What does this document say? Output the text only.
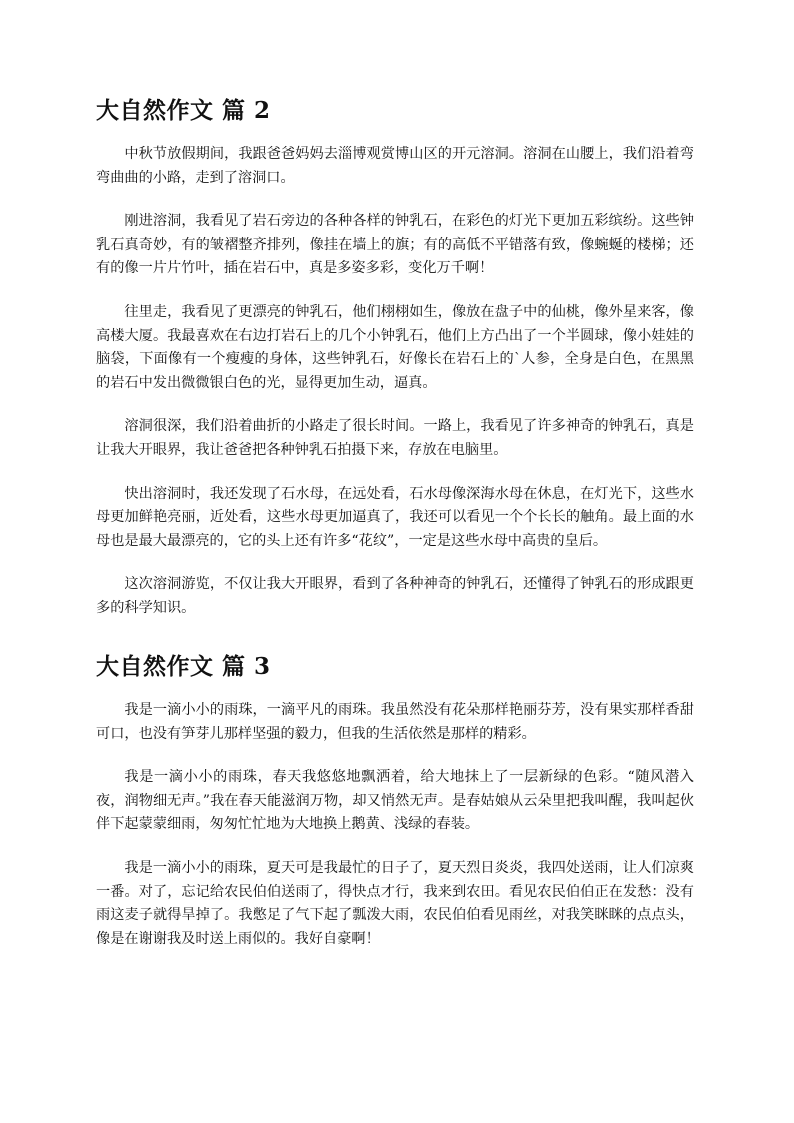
大自然作文 篇 2

中秋节放假期间，我跟爸爸妈妈去淄博观赏博山区的开元溶洞。溶洞在山腰上，我们沿着弯弯曲曲的小路，走到了溶洞口。

刚进溶洞，我看见了岩石旁边的各种各样的钟乳石，在彩色的灯光下更加五彩缤纷。这些钟乳石真奇妙，有的皱褶整齐排列，像挂在墙上的旗；有的高低不平错落有致，像蜿蜒的楼梯；还有的像一片片竹叶，插在岩石中，真是多姿多彩，变化万千啊！

往里走，我看见了更漂亮的钟乳石，他们栩栩如生，像放在盘子中的仙桃，像外星来客，像高楼大厦。我最喜欢在右边打岩石上的几个小钟乳石，他们上方凸出了一个半圆球，像小娃娃的脑袋，下面像有一个瘦瘦的身体，这些钟乳石，好像长在岩石上的`人参，全身是白色，在黑黑的岩石中发出微微银白色的光，显得更加生动，逼真。

溶洞很深，我们沿着曲折的小路走了很长时间。一路上，我看见了许多神奇的钟乳石，真是让我大开眼界，我让爸爸把各种钟乳石拍摄下来，存放在电脑里。

快出溶洞时，我还发现了石水母，在远处看，石水母像深海水母在休息，在灯光下，这些水母更加鲜艳亮丽，近处看，这些水母更加逼真了，我还可以看见一个个长长的触角。最上面的水母也是最大最漂亮的，它的头上还有许多“花纹”，一定是这些水母中高贵的皇后。

这次溶洞游览，不仅让我大开眼界，看到了各种神奇的钟乳石，还懂得了钟乳石的形成跟更多的科学知识。

大自然作文 篇 3

我是一滴小小的雨珠，一滴平凡的雨珠。我虽然没有花朵那样艳丽芬芳，没有果实那样香甜可口，也没有笋芽儿那样坚强的毅力，但我的生活依然是那样的精彩。

我是一滴小小的雨珠，春天我悠悠地飘洒着，给大地抹上了一层新绿的色彩。“随风潜入夜，润物细无声。”我在春天能滋润万物，却又悄然无声。是春姑娘从云朵里把我叫醒，我叫起伙伴下起蒙蒙细雨，匆匆忙忙地为大地换上鹅黄、浅绿的春装。

我是一滴小小的雨珠，夏天可是我最忙的日子了，夏天烈日炎炎，我四处送雨，让人们凉爽一番。对了，忘记给农民伯伯送雨了，得快点才行，我来到农田。看见农民伯伯正在发愁：没有雨这麦子就得旱掉了。我憋足了气下起了瓢泼大雨，农民伯伯看见雨丝，对我笑眯眯的点点头，像是在谢谢我及时送上雨似的。我好自豪啊！
